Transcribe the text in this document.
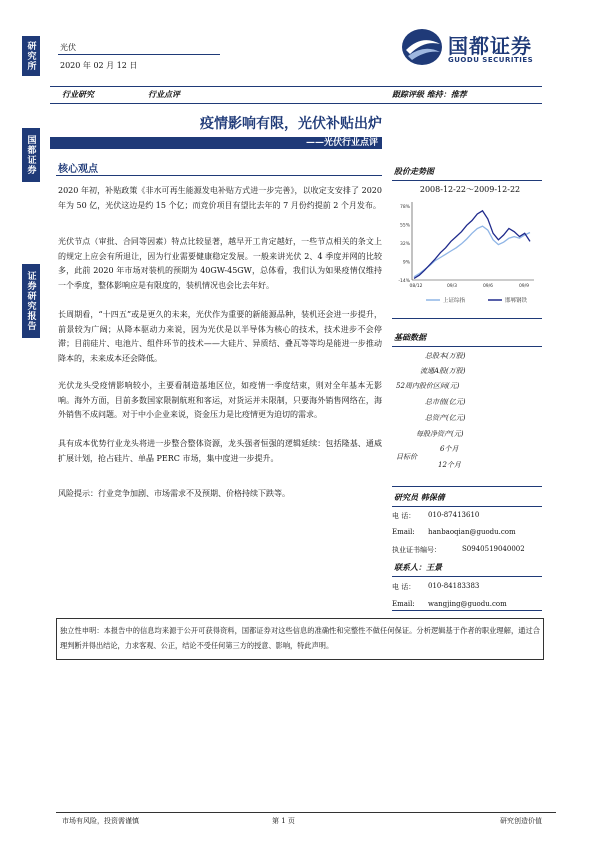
研究所
国都证券
证券研究报告
光伏
2020 年 02 月 12 日
国都证券
GUODU SECURITIES
行业研究	行业点评	跟踪评级 维持：推荐
疫情影响有限，光伏补贴出炉
——光伏行业点评
核心观点
2020 年初，补贴政策《非水可再生能源发电补贴方式进一步完善》，以收定支安排了 2020 年为 50 亿，光伏这边是约 15 个亿；而竞价项目有望比去年的 7 月份约提前 2 个月发布。
光伏节点（审批、合同等因素）特点比较显著，越早开工肯定越好，一些节点相关的条文上的规定上应会有所退让，因为行业需要健康稳定发展。一般来讲光伏 2、4 季度并网的比较多，此前 2020 年市场对装机的预期为 40GW-45GW，总体看，我们认为如果疫情仅维持一个季度，整体影响应是有限度的，装机情况也会比去年好。
长周期看，“十四五”或是更久的未来，光伏作为重要的新能源品种，装机还会进一步提升，前景较为广阔；从降本驱动力来说，因为光伏是以半导体为核心的技术，技术进步不会停滞；目前硅片、电池片、组件环节的技术——大硅片、异质结、叠瓦等等均是能进一步推动降本的，未来成本还会降低。
光伏龙头受疫情影响较小，主要看制造基地区位，如疫情一季度结束，则对全年基本无影响。海外方面，目前多数国家限制航班和客运，对货运并未限制，只要海外销售网络在，海外销售不成问题。对于中小企业来说，资金压力是比疫情更为迫切的需求。
具有成本优势行业龙头将进一步整合整体资源，龙头强者恒强的逻辑延续：包括隆基、通威扩展计划，抢占硅片、单晶 PERC 市场，集中度进一步提升。
风险提示：行业竞争加剧、市场需求不及预期、价格持续下跌等。
股价走势图
2008-12-22～2009-12-22
78%
55%
32%
9%
-14%
08/12	09/3	09/6	09/9
上证综指	邯郸钢铁
基础数据
总股本(万股)
流通A股(万股)
52周内股价区间(元)
总市值(亿元)
总资产(亿元)
每股净资产(元)
目标价
6个月
12个月
研究员 韩保倩
电 话： 010-87413610
Email: hanbaoqian@guodu.com
执业证书编号：	S0940519040002
联系人：王景
电 话： 010-84183383
Email: wangjing@guodu.com
独立性申明：本报告中的信息均来源于公开可获得资料，国都证券对这些信息的准确性和完整性不做任何保证。分析逻辑基于作者的职业理解，通过合理判断并得出结论，力求客观、公正，结论不受任何第三方的授意、影响，特此声明。
市场有风险，投资需谨慎	第 1 页	研究创造价值
